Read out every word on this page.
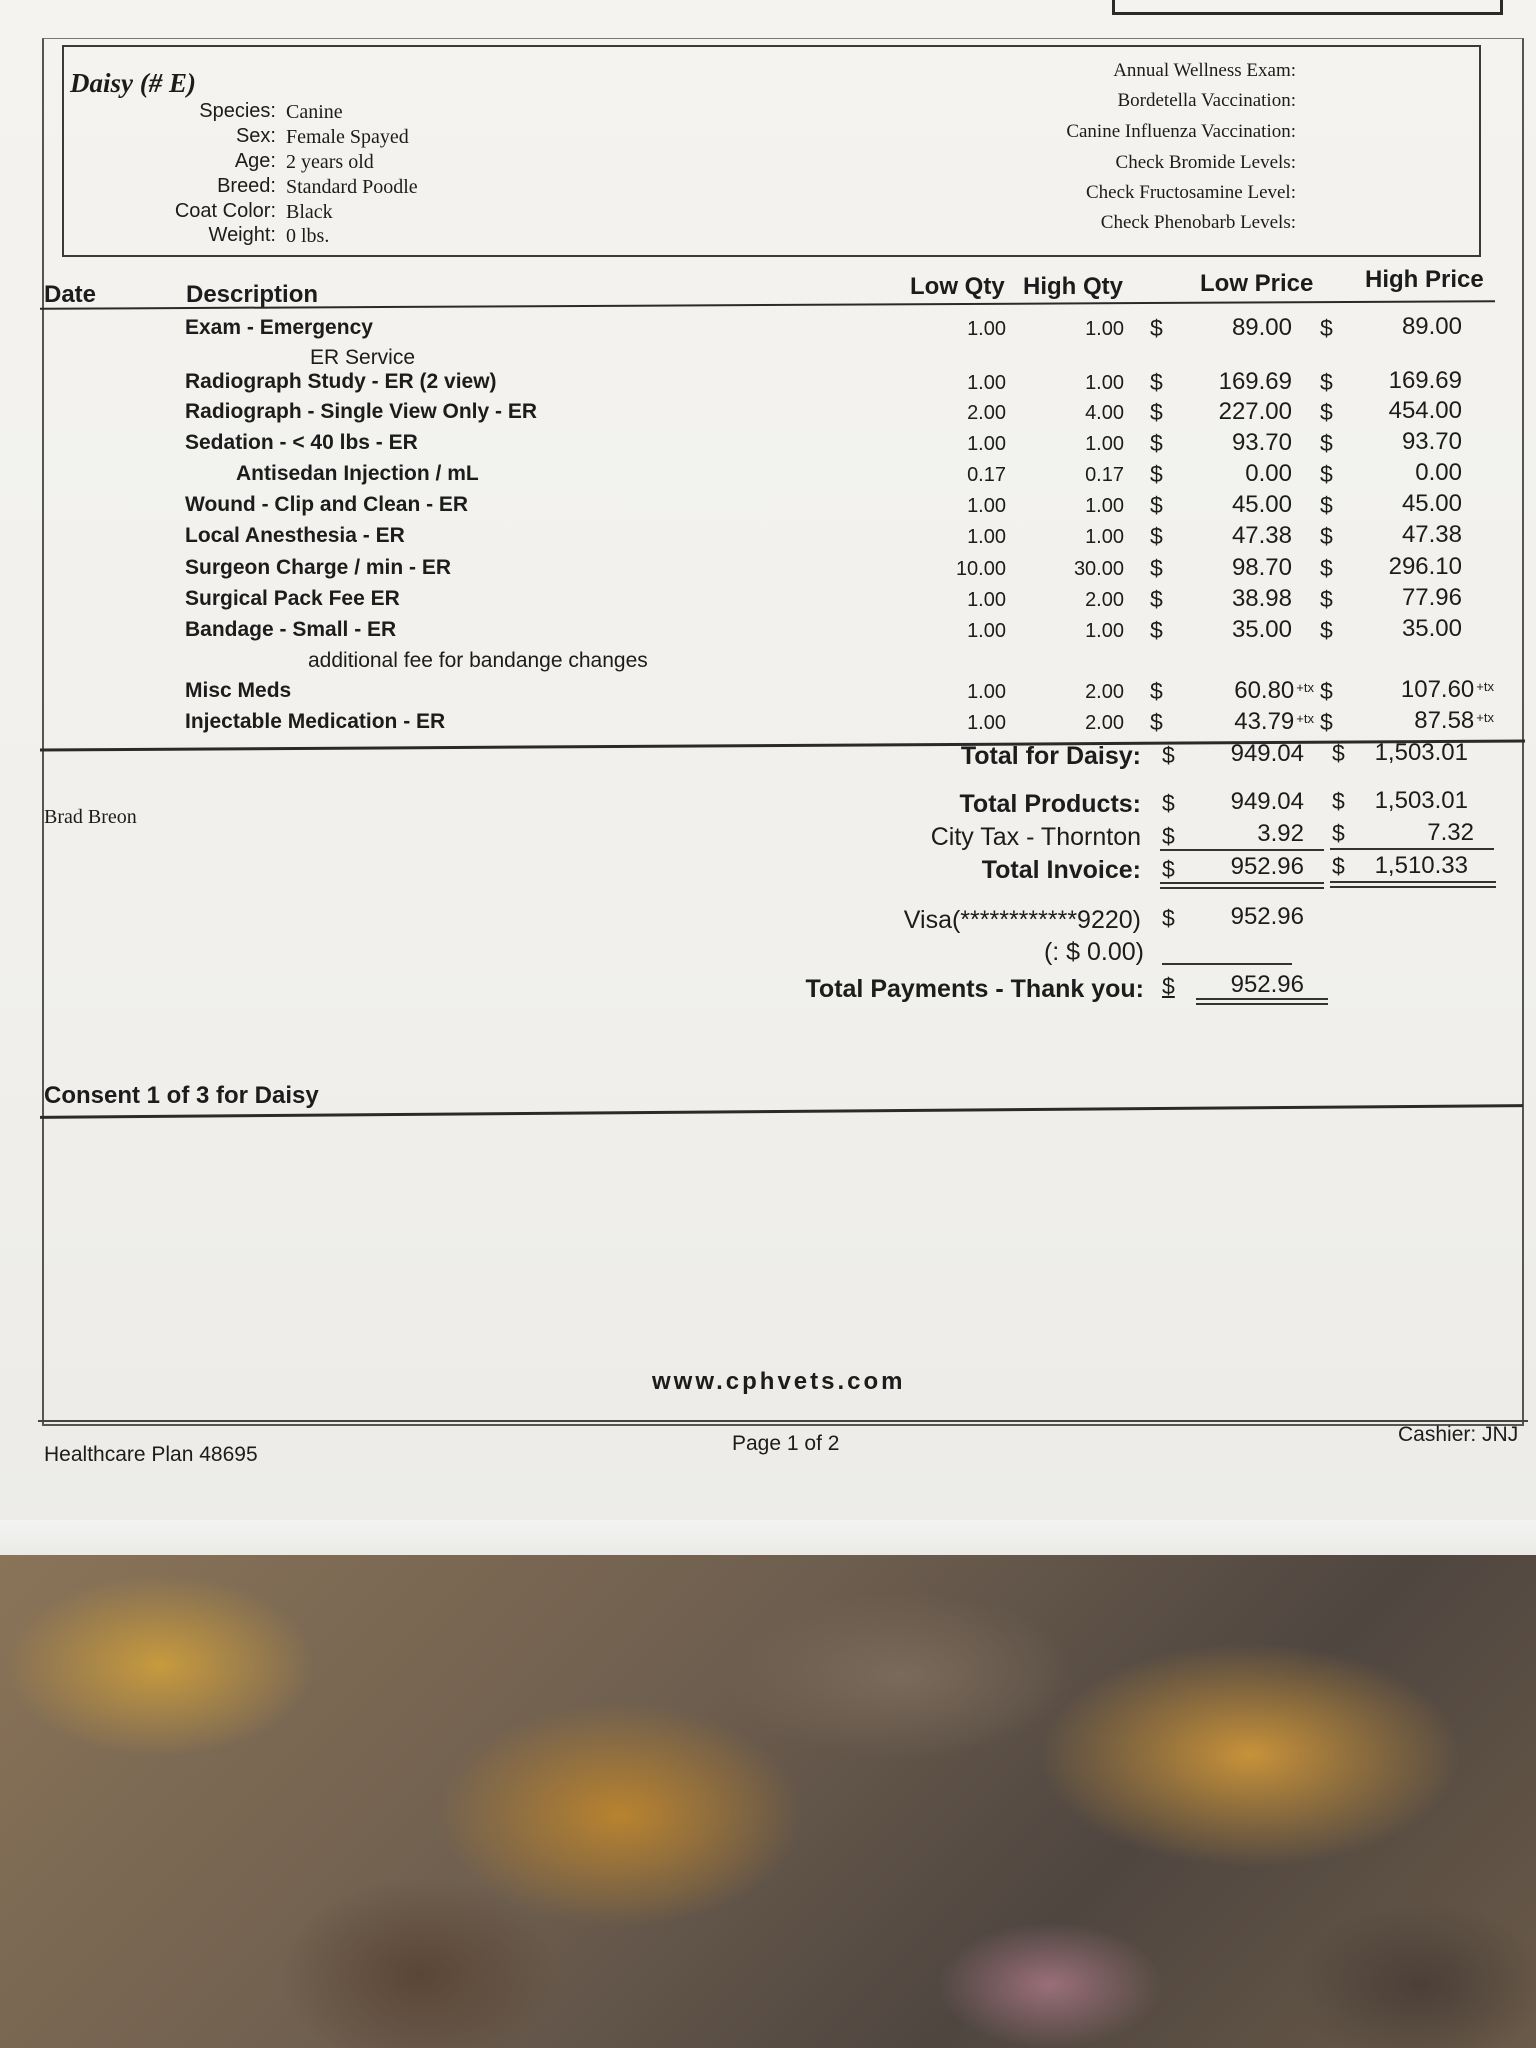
Daisy (# E)
Species: Canine
Sex: Female Spayed
Age: 2 years old
Breed: Standard Poodle
Coat Color: Black
Weight: 0 lbs.
Annual Wellness Exam:
Bordetella Vaccination:
Canine Influenza Vaccination:
Check Bromide Levels:
Check Fructosamine Level:
Check Phenobarb Levels:
Date	Description	Low Qty High Qty	Low Price High Price
Exam - Emergency	1.00	1.00 $	89.00 $	89.00
Radiograph Study - ER (2 view)	1.00	1.00 $ 169.69 $ 169.69
Radiograph - Single View Only - ER	2.00	4.00 $ 227.00 $ 454.00
Sedation - < 40 lbs - ER	1.00	1.00 $	93.70 $	93.70
Antisedan Injection / mL	0.17	0.17 $	0.00 $	0.00
Wound - Clip and Clean - ER	1.00	1.00 $	45.00 $	45.00
Local Anesthesia - ER	1.00	1.00 $	47.38 $	47.38
Surgeon Charge / min - ER	10.00	30.00 $	98.70 $ 296.10
Surgical Pack Fee ER	1.00	2.00 $	38.98 $	77.96
Bandage - Small - ER	1.00	1.00 $	35.00 $	35.00
Misc Meds	1.00	2.00 $	60.80 $^{+tx}$ $	107.60 $^{+tx}$
Injectable Medication - ER	1.00	2.00 $	43.79 $^{+tx}$ $	87.58 $^{+tx}$
ER Service
additional fee for bandange changes
Total for Daisy: $ 949.04 $ 1,503.01
Brad Breon	Total Products: $ 949.04 $ 1,503.01
City Tax - Thornton $	3.92 $	7.32
Total Invoice: $ 952.96 $ 1,510.33
Visa(************9220) $ 952.96
(: $ 0.00)
Total Payments - Thank you: $ 952.96
Consent 1 of 3 for Daisy
www.cphvets.com
Healthcare Plan 48695	Page 1 of 2	Cashier: JNJ
